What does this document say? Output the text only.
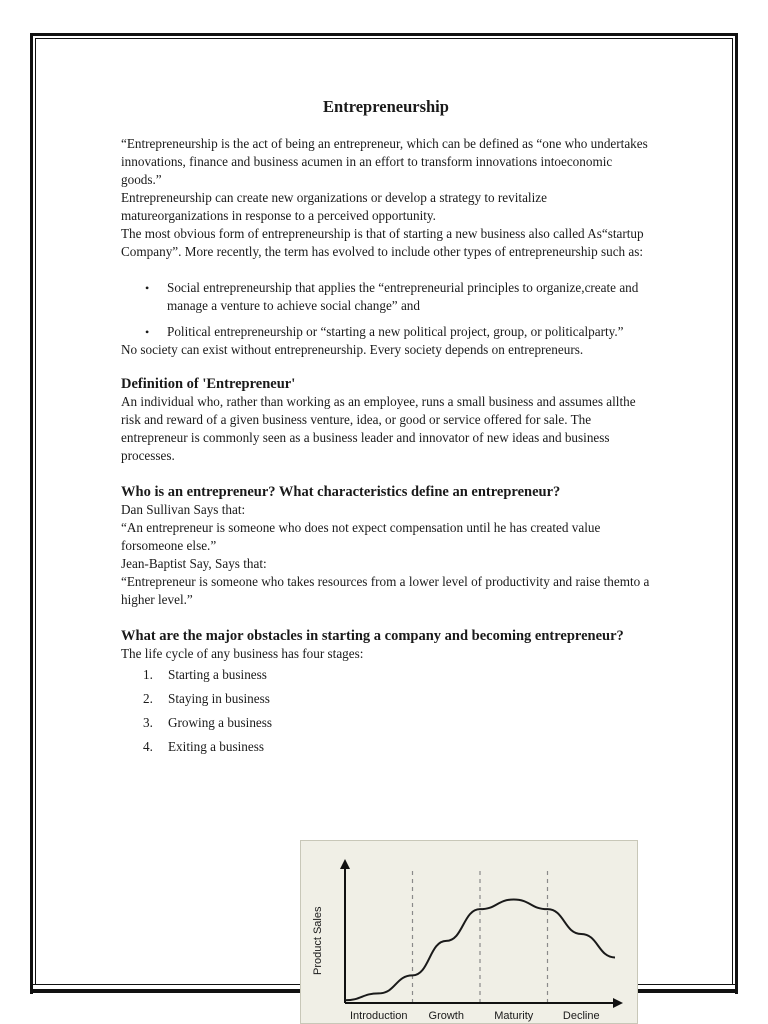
Entrepreneurship

“Entrepreneurship is the act of being an entrepreneur, which can be defined as “one who undertakes innovations, finance and business acumen in an effort to transform innovations intoeconomic goods.”

Entrepreneurship can create new organizations or develop a strategy to revitalize matureorganizations in response to a perceived opportunity.

The most obvious form of entrepreneurship is that of starting a new business also called As“startup Company”. More recently, the term has evolved to include other types of entrepreneurship such as:

• Social entrepreneurship that applies the “entrepreneurial principles to organize,create and manage a venture to achieve social change” and
• Political entrepreneurship or “starting a new political project, group, or politicalparty.”

No society can exist without entrepreneurship. Every society depends on entrepreneurs.

Definition of 'Entrepreneur'

An individual who, rather than working as an employee, runs a small business and assumes allthe risk and reward of a given business venture, idea, or good or service offered for sale. The entrepreneur is commonly seen as a business leader and innovator of new ideas and business processes.

Who is an entrepreneur? What characteristics define an entrepreneur?

Dan Sullivan Says that:

“An entrepreneur is someone who does not expect compensation until he has created value forsomeone else.”

Jean-Baptist Say, Says that:

“Entrepreneur is someone who takes resources from a lower level of productivity and raise themto a higher level.”

What are the major obstacles in starting a company and becoming entrepreneur?

The life cycle of any business has four stages:

1. Starting a business
2. Staying in business
3. Growing a business
4. Exiting a business
Product Sales
Introduction Growth	Maturity	Decline
